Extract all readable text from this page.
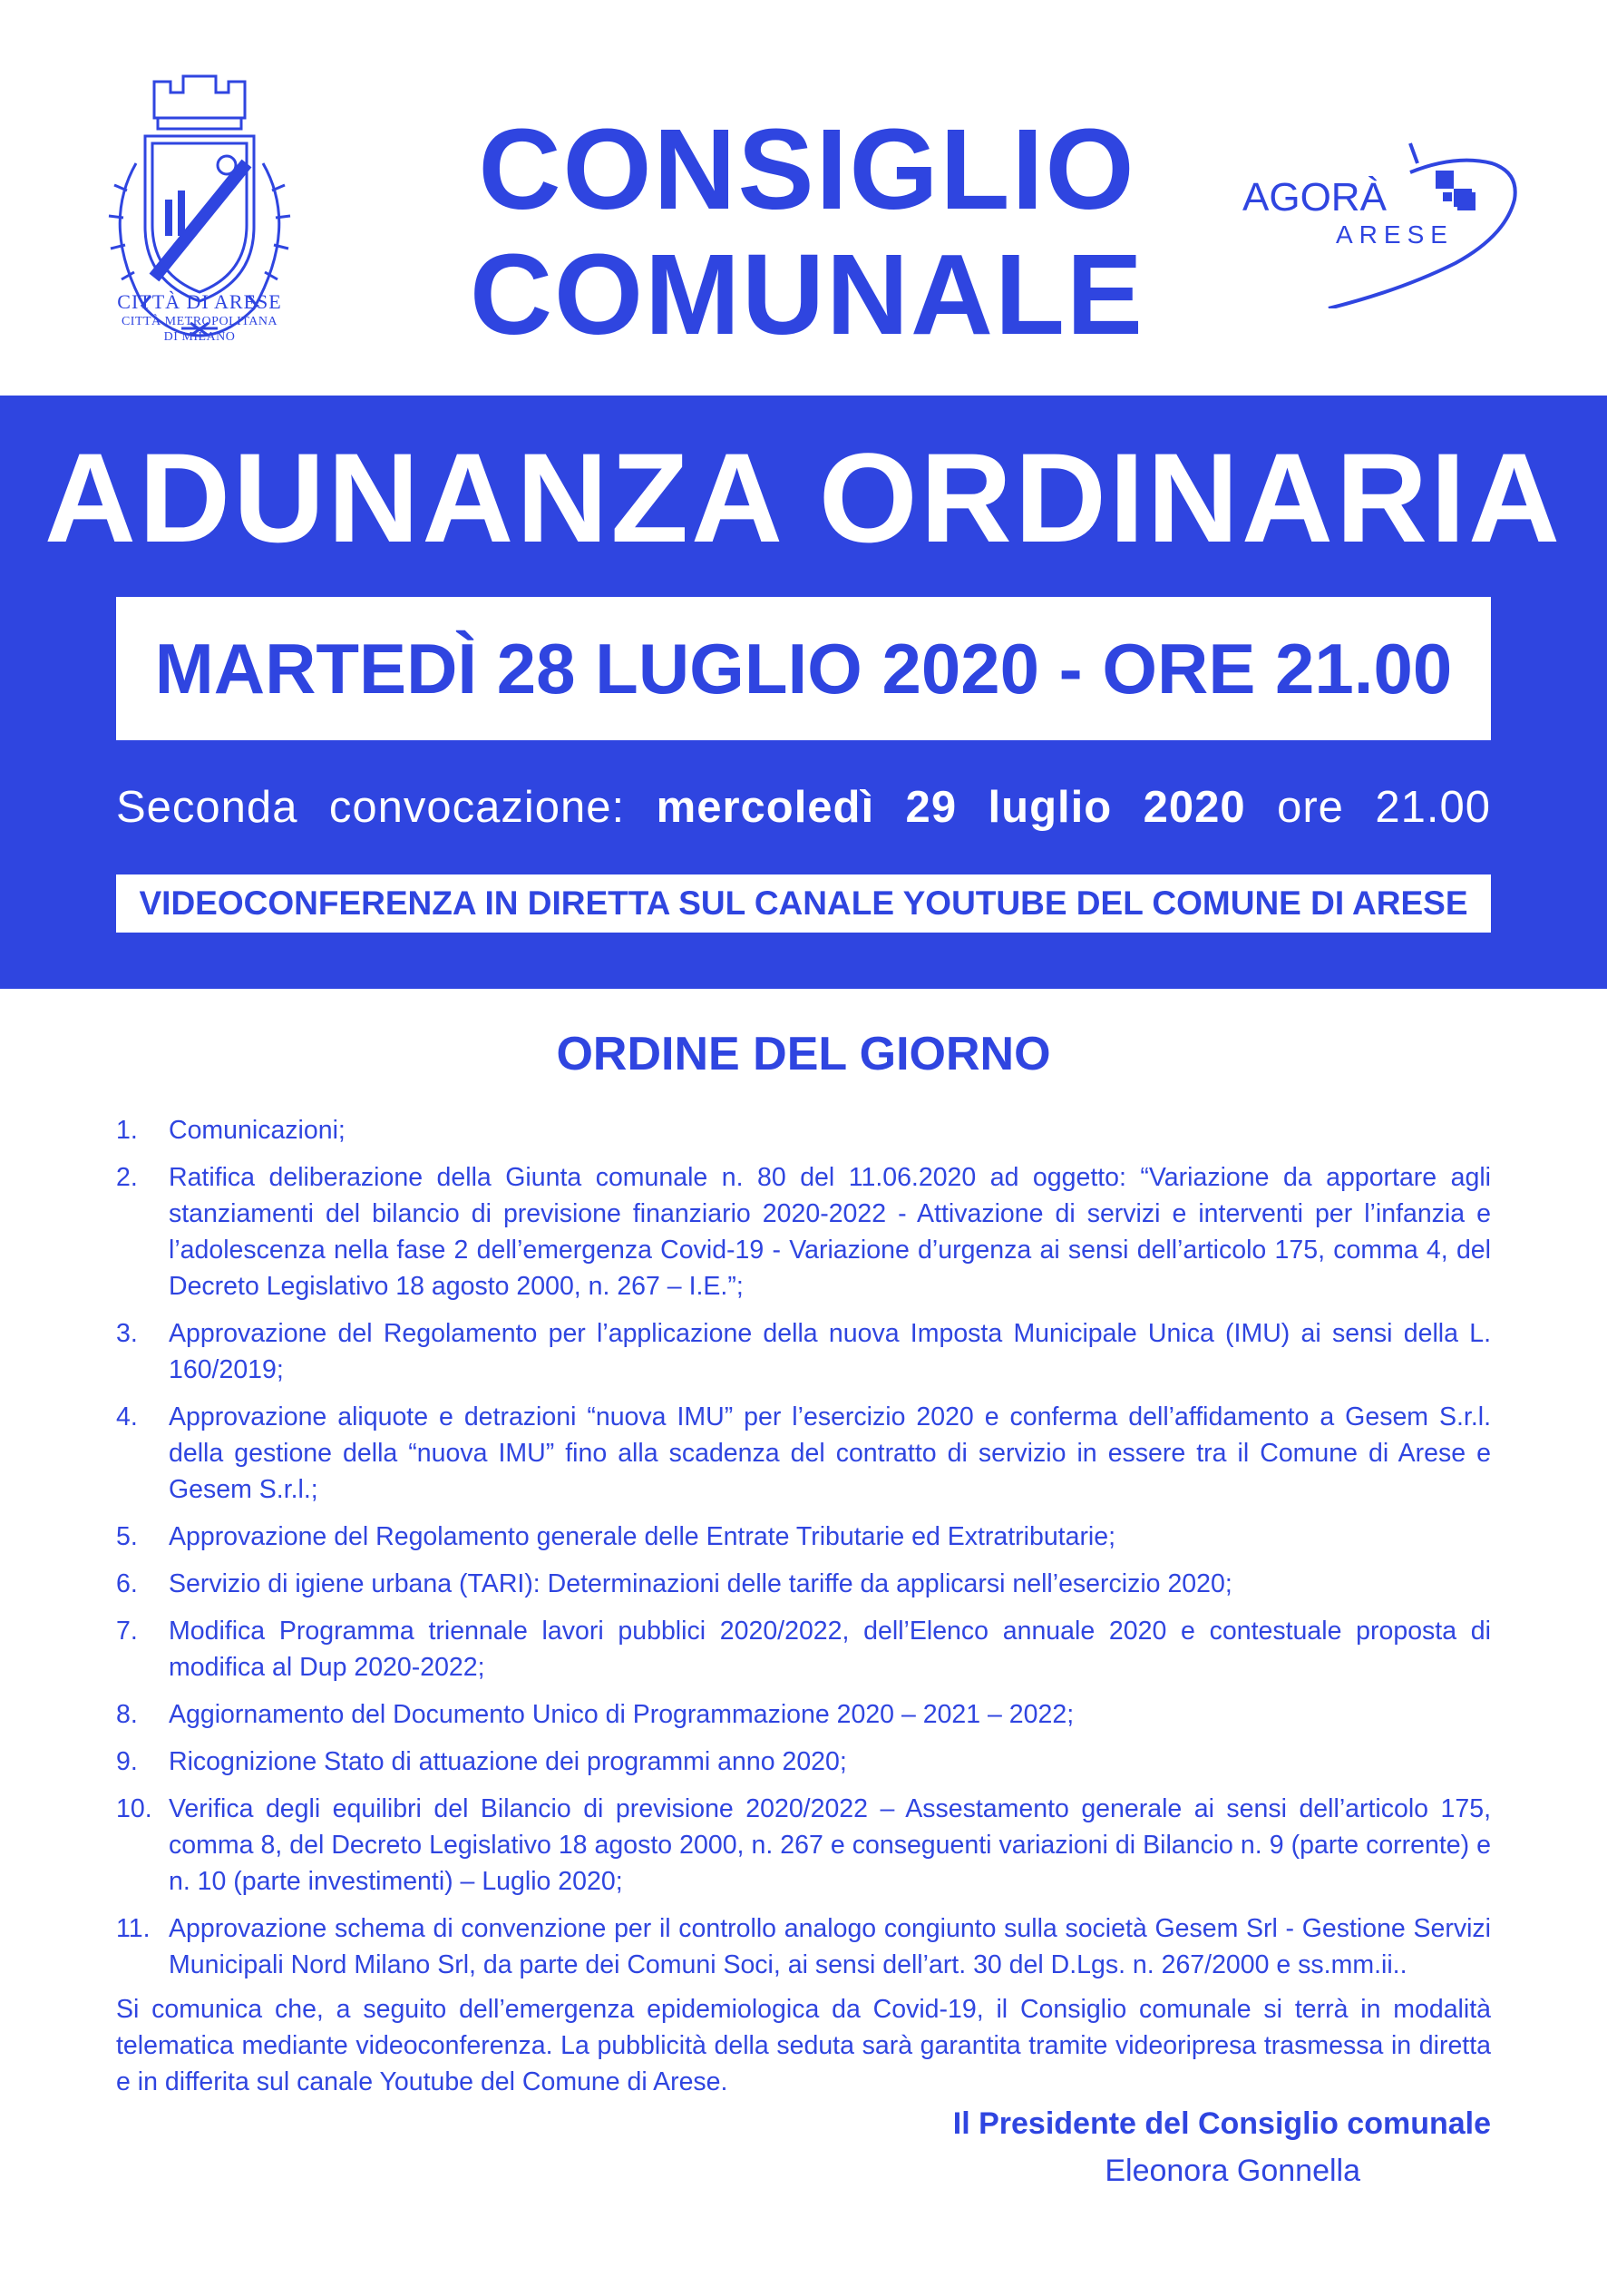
CITTÀ DI ARESE
CITTÀ METROPOLITANA
DI MILANO
CONSIGLIO
COMUNALE
AGORÀ
ARESE
ADUNANZA ORDINARIA
MARTEDÌ 28 LUGLIO 2020 - ORE 21.00
Seconda convocazione: mercoledì 29 luglio 2020 ore 21.00
VIDEOCONFERENZA IN DIRETTA SUL CANALE YOUTUBE DEL COMUNE DI ARESE
ORDINE DEL GIORNO
1. Comunicazioni;
2. Ratifica deliberazione della Giunta comunale n. 80 del 11.06.2020 ad oggetto: “Variazione da apportare agli stanziamenti del bilancio di previsione finanziario 2020-2022 - Attivazione di servizi e interventi per l’infanzia e l’adolescenza nella fase 2 dell’emergenza Covid-19 - Variazione d’urgenza ai sensi dell’articolo 175, comma 4, del Decreto Legislativo 18 agosto 2000, n. 267 – I.E.”;
3. Approvazione del Regolamento per l’applicazione della nuova Imposta Municipale Unica (IMU) ai sensi della L. 160/2019;
4. Approvazione aliquote e detrazioni “nuova IMU” per l’esercizio 2020 e conferma dell’affidamento a Gesem S.r.l. della gestione della “nuova IMU” fino alla scadenza del contratto di servizio in essere tra il Comune di Arese e Gesem S.r.l.;
5. Approvazione del Regolamento generale delle Entrate Tributarie ed Extratributarie;
6. Servizio di igiene urbana (TARI): Determinazioni delle tariffe da applicarsi nell’esercizio 2020;
7. Modifica Programma triennale lavori pubblici 2020/2022, dell’Elenco annuale 2020 e contestuale proposta di modifica al Dup 2020-2022;
8. Aggiornamento del Documento Unico di Programmazione 2020 – 2021 – 2022;
9. Ricognizione Stato di attuazione dei programmi anno 2020;
10. Verifica degli equilibri del Bilancio di previsione 2020/2022 – Assestamento generale ai sensi dell’articolo 175, comma 8, del Decreto Legislativo 18 agosto 2000, n. 267 e conseguenti variazioni di Bilancio n. 9 (parte corrente) e n. 10 (parte investimenti) – Luglio 2020;
11. Approvazione schema di convenzione per il controllo analogo congiunto sulla società Gesem Srl - Gestione Servizi Municipali Nord Milano Srl, da parte dei Comuni Soci, ai sensi dell’art. 30 del D.Lgs. n. 267/2000 e ss.mm.ii..
Si comunica che, a seguito dell’emergenza epidemiologica da Covid-19, il Consiglio comunale si terrà in modalità telematica mediante videoconferenza. La pubblicità della seduta sarà garantita tramite videoripresa trasmessa in diretta e in differita sul canale Youtube del Comune di Arese.
Il Presidente del Consiglio comunale
Eleonora Gonnella
